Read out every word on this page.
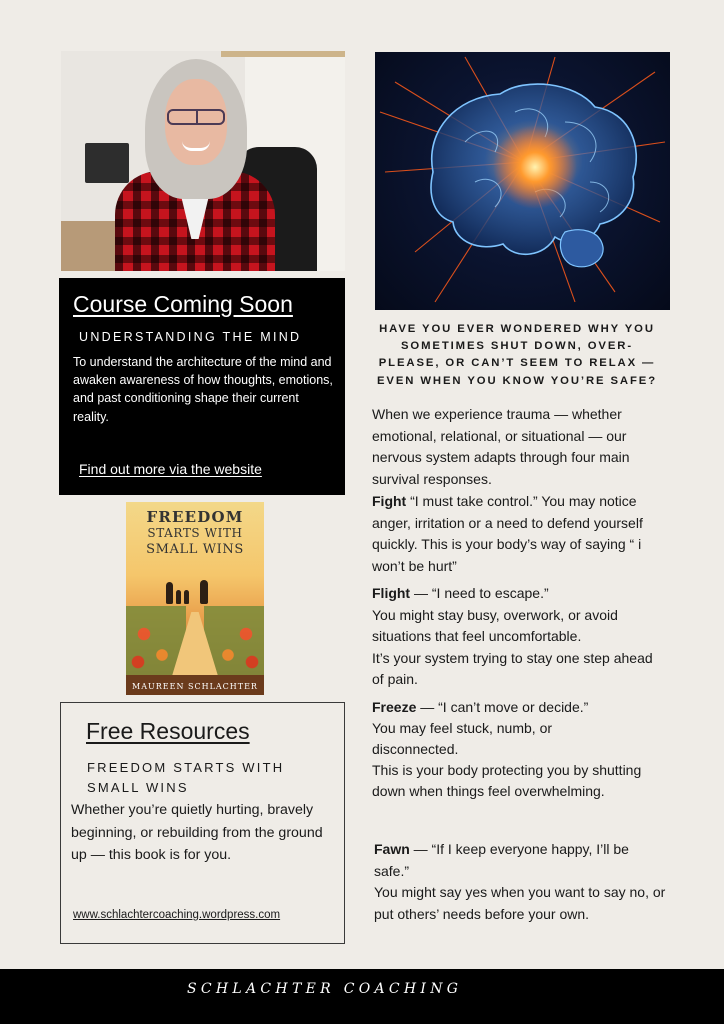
Course Coming Soon
UNDERSTANDING THE MIND
To understand the architecture of the mind and awaken awareness of how thoughts, emotions, and past conditioning shape their current reality.
Find out more via the website
FREEDOM
STARTS WITH
SMALL WINS
MAUREEN SCHLACHTER
Free Resources
FREEDOM STARTS WITH SMALL WINS
Whether you’re quietly hurting, bravely beginning, or rebuilding from the ground up — this book is for you.
www.schlachtercoaching.wordpress.com
HAVE YOU EVER WONDERED WHY YOU SOMETIMES SHUT DOWN, OVER-PLEASE, OR CAN’T SEEM TO RELAX — EVEN WHEN YOU KNOW YOU’RE SAFE?
When we experience trauma — whether emotional, relational, or situational — our nervous system adapts through four main survival responses.
Fight “I must take control.” You may notice anger, irritation or a need to defend yourself quickly. This is your body’s way of saying “ i won’t be hurt”
Flight — “I need to escape.”
You might stay busy, overwork, or avoid situations that feel uncomfortable.
It’s your system trying to stay one step ahead of pain.
Freeze — “I can’t move or decide.”
You may feel stuck, numb, or disconnected.
This is your body protecting you by shutting down when things feel overwhelming.
Fawn — “If I keep everyone happy, I’ll be safe.”
You might say yes when you want to say no, or put others’ needs before your own.
SCHLACHTER COACHING
